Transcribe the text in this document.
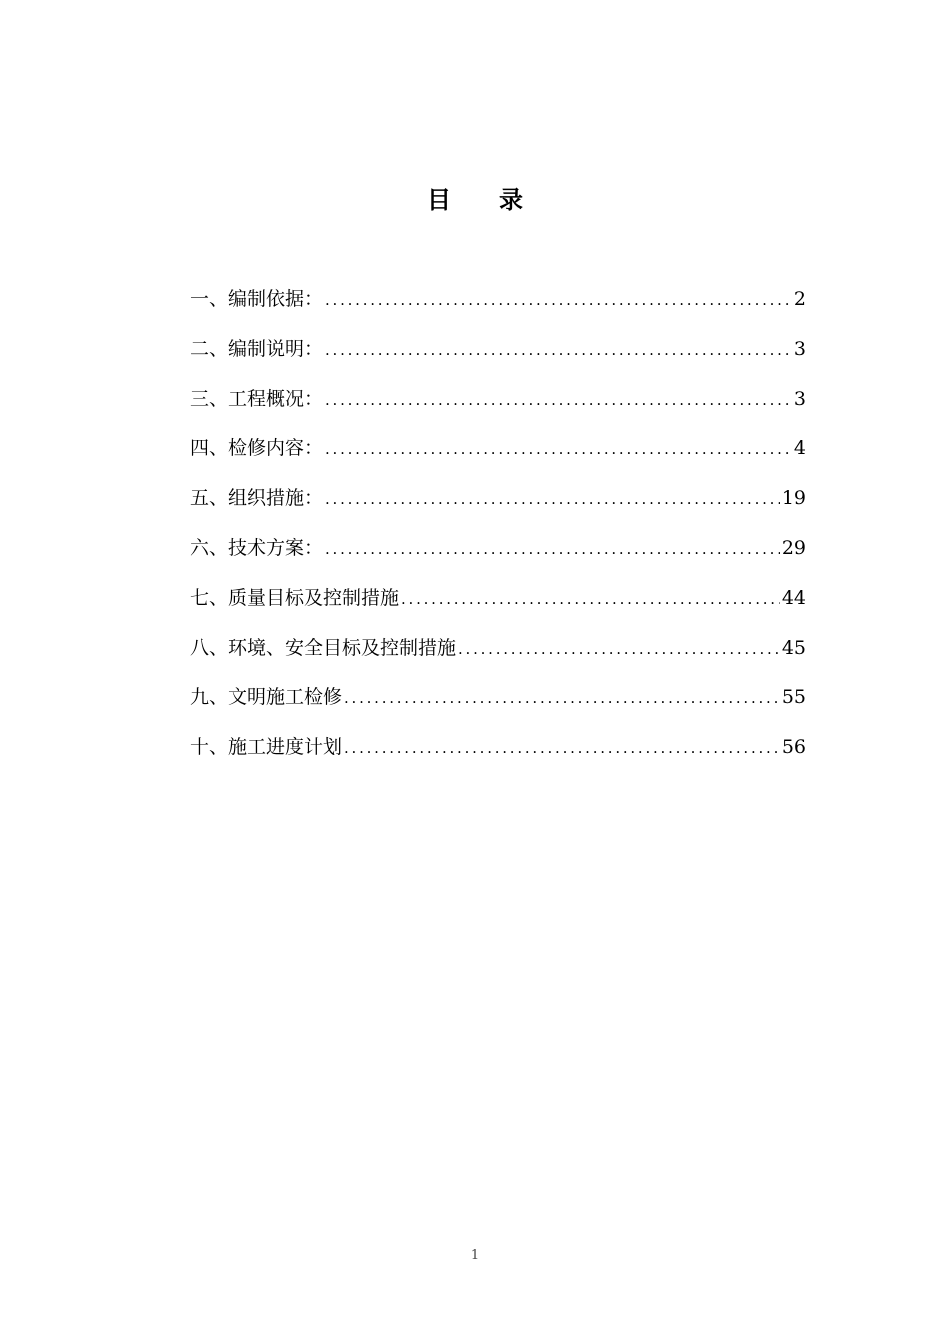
目 录
一、编制依据： . . .	2
二、编制说明： . . .	3
三、工程概况： . . .	3
四、检修内容： . . .	4
五、组织措施： . . .	19
六、技术方案： . . .	29
七、质量目标及控制措施 . . .	44
八、环境、安全目标及控制措施 . . .	45
九、文明施工检修 . . .	55
十、施工进度计划 . . .	56
1
